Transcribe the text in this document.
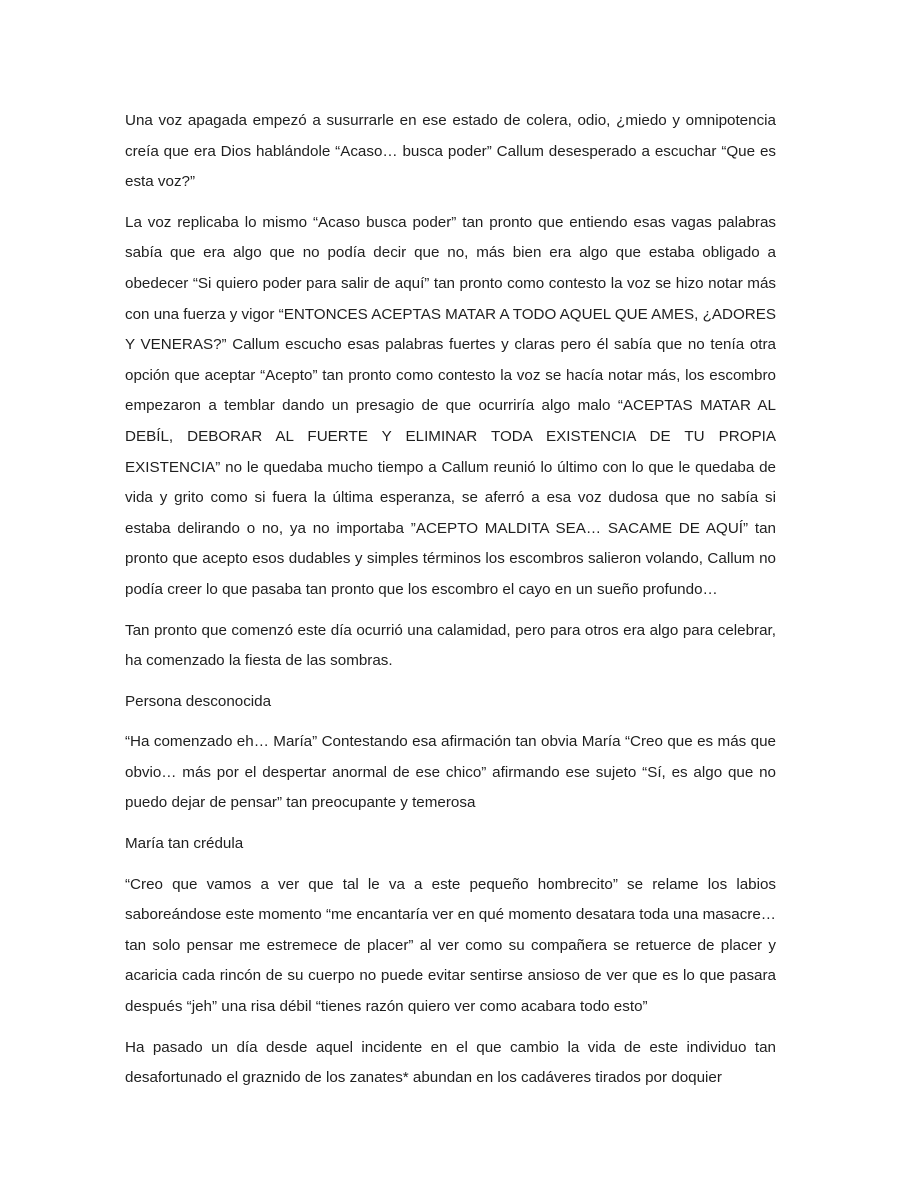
Una voz apagada empezó a susurrarle en ese estado de colera, odio, ¿miedo y omnipotencia creía que era Dios hablándole “Acaso… busca poder” Callum desesperado a escuchar “Que es esta voz?”

La voz replicaba lo mismo “Acaso busca poder” tan pronto que entiendo esas vagas palabras sabía que era algo que no podía decir que no, más bien era algo que estaba obligado a obedecer “Si quiero poder para salir de aquí” tan pronto como contesto la voz se hizo notar más con una fuerza y vigor “ENTONCES ACEPTAS MATAR A TODO AQUEL QUE AMES, ¿ADORES Y VENERAS?” Callum escucho esas palabras fuertes y claras pero él sabía que no tenía otra opción que aceptar “Acepto” tan pronto como contesto la voz se hacía notar más, los escombro empezaron a temblar dando un presagio de que ocurriría algo malo “ACEPTAS MATAR AL DEBÍL, DEBORAR AL FUERTE Y ELIMINAR TODA EXISTENCIA DE TU PROPIA EXISTENCIA” no le quedaba mucho tiempo a Callum reunió lo último con lo que le quedaba de vida y grito como si fuera la última esperanza, se aferró a esa voz dudosa que no sabía si estaba delirando o no, ya no importaba ”ACEPTO MALDITA SEA… SACAME DE AQUÍ” tan pronto que acepto esos dudables y simples términos los escombros salieron volando, Callum no podía creer lo que pasaba tan pronto que los escombro el cayo en un sueño profundo…

Tan pronto que comenzó este día ocurrió una calamidad, pero para otros era algo para celebrar, ha comenzado la fiesta de las sombras.

Persona desconocida

“Ha comenzado eh… María” Contestando esa afirmación tan obvia María “Creo que es más que obvio… más por el despertar anormal de ese chico” afirmando ese sujeto “Sí, es algo que no puedo dejar de pensar” tan preocupante y temerosa

María tan crédula

“Creo que vamos a ver que tal le va a este pequeño hombrecito” se relame los labios saboreándose este momento “me encantaría ver en qué momento desatara toda una masacre… tan solo pensar me estremece de placer” al ver como su compañera se retuerce de placer y acaricia cada rincón de su cuerpo no puede evitar sentirse ansioso de ver que es lo que pasara después “jeh” una risa débil “tienes razón quiero ver como acabara todo esto”

Ha pasado un día desde aquel incidente en el que cambio la vida de este individuo tan desafortunado el graznido de los zanates* abundan en los cadáveres tirados por doquier
